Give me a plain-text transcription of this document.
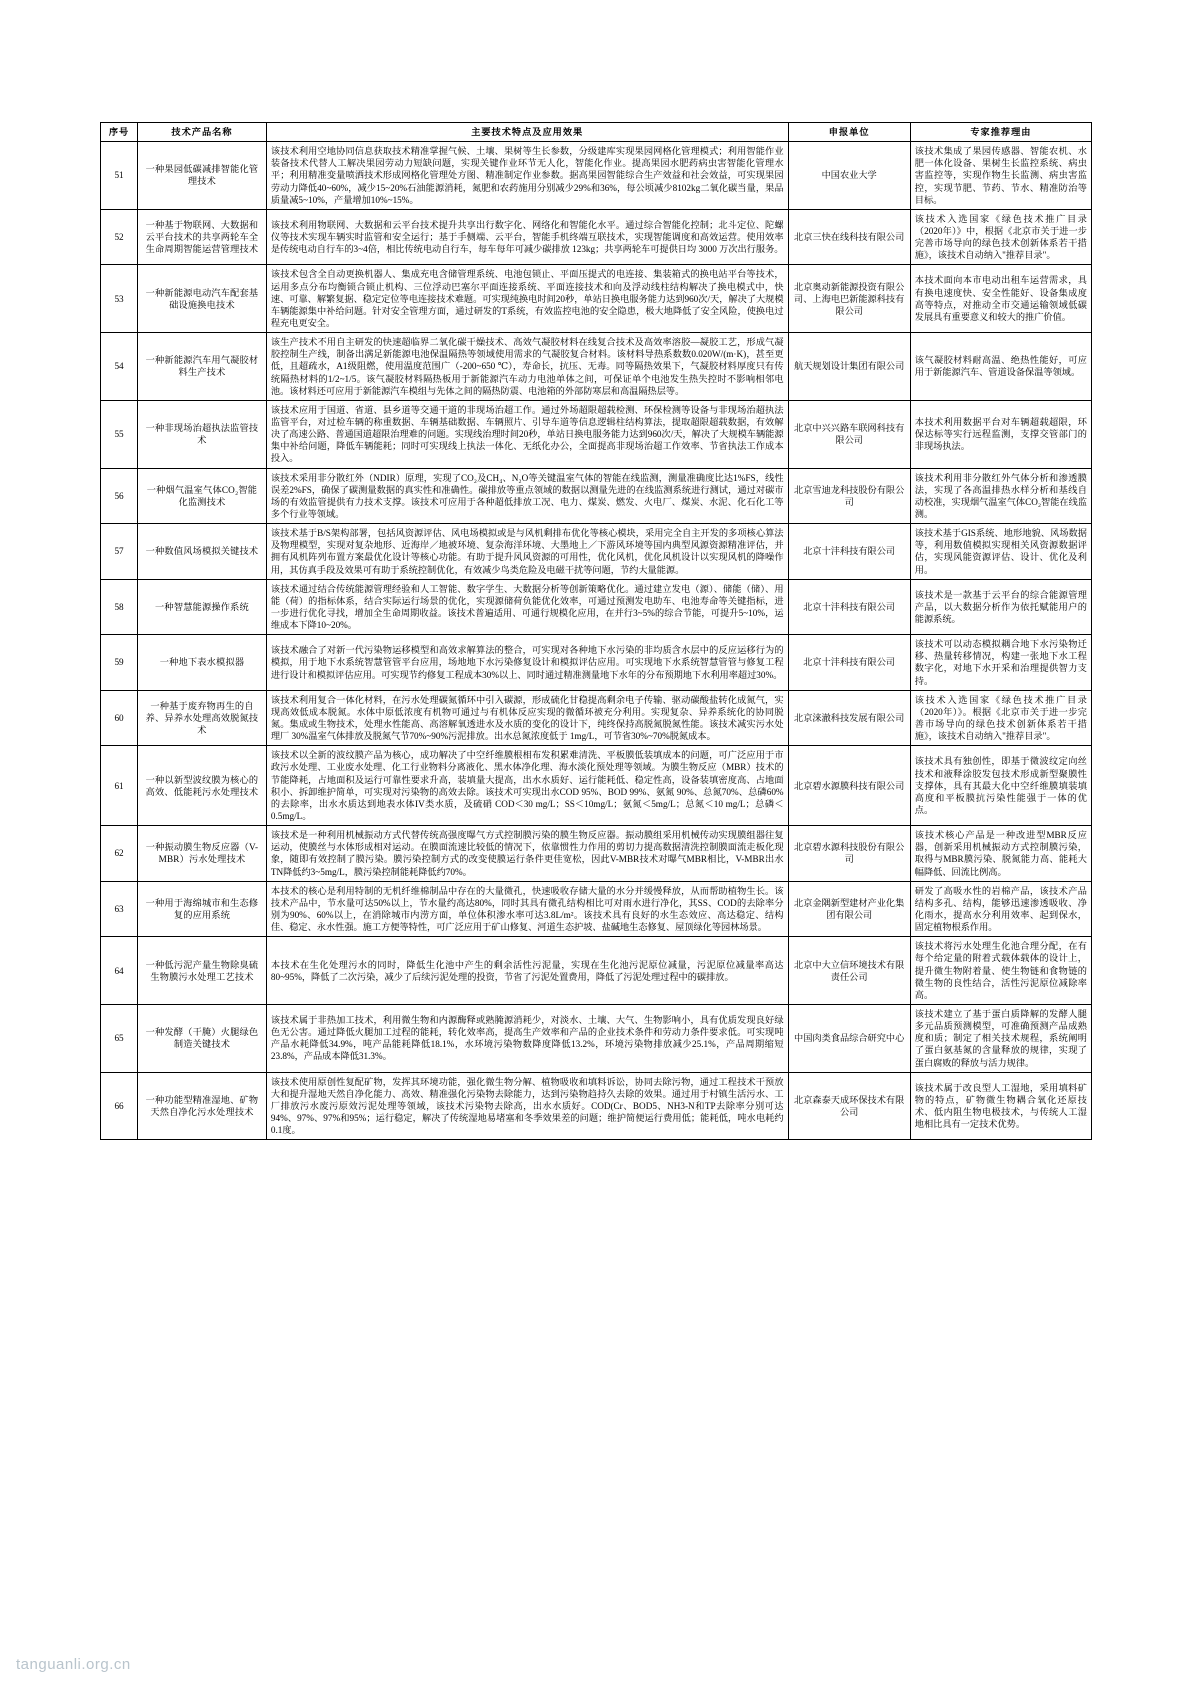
序号	技术产品名称	主要技术特点及应用效果	申报单位	专家推荐理由
51	一种果园低碳减排智能化管理技术	该技术利用空地协同信息获取技术精准掌握气候、土壤、果树等生长参数，分级建库实现果园网格化管理模式；利用智能作业装备技术代替人工解决果园劳动力短缺问题，实现关键作业环节无人化，智能化作业。提高果园水肥药病虫害智能化管理水平；利用精准变量喷洒技术形成网格化管理处方图、精准制定作业参数。据高果园智能综合生产效益和社会效益，可实现果园劳动力降低40~60%，减少15~20%石油能源消耗，氮肥和农药施用分别减少29%和36%，每公顷减少8102kg二氧化碳当量，果品质量减5~10%，产量增加10%~15%。	中国农业大学	该技术集成了果园传感器、智能农机、水肥一体化设备、果树生长监控系统、病虫害监控等，实现作物生长监测、病虫害监控，实现节肥、节药、节水、精准防治等目标。
52	一种基于物联网、大数据和云平台技术的共享两轮车全生命周期智能运营管理技术	该技术利用物联网、大数据和云平台技术提升共享出行数字化、网络化和智能化水平。通过综合智能化控制；北斗定位、陀螺仪等技术实现车辆实时监管和安全运行；基于手侧端、云平台，智能手机终端互联技术，实现智能调度和高效运营。使用效率是传统电动自行车的3~4倍，相比传统电动自行车，每车每年可减少碳排放 123kg；共享两轮车可提供日均 3000 万次出行服务。	北京三快在线科技有限公司	该技术入选国家《绿色技术推广目录（2020年）》中，根据《北京市关于进一步完善市场导向的绿色技术创新体系若干措施》，该技术自动纳入"推荐目录"。
53	一种新能源电动汽车配套基础设施换电技术	该技术包含全自动更换机器人、集成充电含储管理系统、电池包锁止、平面压提式的电连接、集装箱式的换电站平台等技术，运用多点分布均衡锁合锁止机构、三位浮动巴塞尔平面连接系统、平面连接技术和向及浮动线柱结构解决了换电模式中，快速、可靠、解繁复据、稳定定位等电连接技术难题。可实现纯换电时间20秒，单站日换电服务能力达到960次/天，解决了大规模车辆能源集中补给问题。针对安全管理方面，通过研发的T系统，有效监控电池的安全隐患，极大地降低了安全风险，使换电过程充电更安全。	北京奥动新能源投资有限公司、上海电巴新能源科技有限公司	本技术面向本市电动出租车运营需求，具有换电速度快、安全性能好、设备集成度高等特点，对推动全市交通运输领域低碳发展具有重要意义和较大的推广价值。
54	一种新能源汽车用气凝胶材料生产技术	该生产技术不用自主研发的快速超临界二氧化碳干燥技术、高效气凝胶材料在线复合技术及高效率溶胶—凝胶工艺，形成气凝胶控制生产线，制备出满足新能源电池保温隔热等领域使用需求的气凝胶复合材料。该材料导热系数数0.020W/(m·K)，甚至更低，且超疏水，A1级阻燃，使用温度范围广（-200~650 ℃），寿命长，抗压、无毒。同等隔热效果下，气凝胶材料厚度只有传统隔热材料的1/2~1/5。该气凝胶材料隔热板用于新能源汽车动力电池单体之间，可保证单个电池发生热失控时不影响相邻电池。该材料还可应用于新能源汽车模组与先体之间的隔热防震、电池箱的外部防寒层和高温隔热层等。	航天规划设计集团有限公司	该气凝胶材料耐高温、绝热性能好，可应用于新能源汽车、管道设备保温等领域。
55	一种非现场治超执法监管技术	该技术应用于国道、省道、县乡道等交通干道的非现场治超工作。通过外场超限超载检测、环保检测等设备与非现场治超执法监管平台，对过检车辆的称重数据、车辆基础数据、车辆照片、引导车道等信息逻辑柱结构算法，提取超限超载数据，有效解决了高速公路、普通国道超限治理难的问题。实现线治理时间20秒，单站日换电服务能力达到960次/天，解决了大规模车辆能源集中补给问题，降低车辆能耗；同时可实现线上执法一体化、无纸化办公，全面提高非现场治超工作效率、节省执法工作成本投入。	北京中兴兴路车联网科技有限公司	本技术利用数据平台对车辆超载超限，环保达标等实行远程监测，支撑交管部门的非现场执法。
56	一种烟气温室气体CO₂智能化监测技术	该技术采用非分散红外（NDIR）原理，实现了CO₂及CH₄、N₂O等关键温室气体的智能在线监测，测量准确度比达1%FS，线性误差2%FS，确保了碳测量数据的真实性和准确性。碳排放等重点领域的数据以测量先进的在线监测系统进行测试，通过对碳市场的有效监管提供有力技术支撑。该技术可应用于各种超低排放工况、电力、煤炭、燃发、火电厂、煤炭、水泥、化石化工等多个行业等领域。	北京雪迪龙科技股份有限公司	该技术利用非分散红外气体分析和渗透膜法，实现了各高温排热水样分析和基线自动校准，实现烟气温室气体CO₂智能在线监测。
57	一种数值风场模拟关键技术	该技术基于B/S架构部署，包括风资源评估、风电场模拟或是与风机剩排布优化等核心模块，采用完全自主开发的多项核心算法及物理模型，实现对复杂地形、近海岸／地被环境、复杂海洋环境、大墨地上／下游风环境等国内典型风源资源精准评估，并拥有风机阵列布置方案最优化设计等核心功能。有助于提升风风资源的可用性，优化风机，优化风机设计以实现风机的降噪作用，其仿真手段及效果可有助于系统控制优化，有效减少鸟类危险及电磁干扰等问题，节约大量能源。	北京十沣科技有限公司	该技术基于GIS系统、地形地貌、风场数据等，利用数值模拟实现相关风资源数据评估，实现风能资源评估、设计、优化及利用。
58	一种智慧能源操作系统	该技术通过结合传统能源管理经验和人工智能、数字学生、大数据分析等创新策略优化。通过建立发电（源）、储能（储）、用能（荷）的指标体系，结合实际运行场景的优化，实现源储荷负能优化效率，可通过预测发电助车、电池寿命等关键指标，进一步进行优化寻找，增加全生命周期收益。该技术普遍适用、可通行规模化应用，在并行3~5%的综合节能，可提升5~10%，运维成本下降10~20%。	北京十沣科技有限公司	该技术是一款基于云平台的综合能源管理产品，以大数据分析作为依托赋能用户的能源系统。
59	一种地下表水模拟器	该技术融合了对新一代污染物运移模型和高效求解算法的整合，可实现对各种地下水污染的非均质含水层中的反应运移行为的模拟，用于地下水系统智慧管管平台应用，场地地下水污染修复设计和模拟评估应用。可实现地下水系统智慧管管与修复工程进行设计和模拟评估应用。可实现节约修复工程成本30%以上、同时通过精准测量地下水年的分布预期地下水利用率超过30%。	北京十沣科技有限公司	该技术可以动态模拟耦合地下水污染物迁移、热量转移情况，构建一张地下水工程数字化，对地下水开采和治理提供智力支持。
60	一种基于废弃物再生的自养、异养水处理高效脱氮技术	该技术利用复合一体化材料，在污水处理碳氮循环中引入碳源，形成硫化甘稳提高剩余电子传输、驱动碳酸盐转化成氮气，实现高效低成本脱氮。水体中原低浓度有机物可通过与有机体反应实现的微循环被充分利用。实现复杂、异养系统化的协同脱氮。集成或生物技术，处理水性能高、高溶解氧透进水及水质的变化的设计下，纯终保持高脱氮脱氮性能。该技术减实污水处理厂 30%温室气体排放及脱氮气节70%~90%污泥排放。出水总氮浓度低于 1mg/L，可节省30%~70%脱氮成本。	北京涞澈科技发展有限公司	该技术入选国家《绿色技术推广目录（2020年）》。根据《北京市关于进一步完善市场导向的绿色技术创新体系若干措施》，该技术自动纳入"推荐目录"。
61	一种以新型波纹膜为核心的高效、低能耗污水处理技术	该技术以全新的波纹膜产品为核心，成功解决了中空纤维膜根相布发积累难清洗、平板膜低装填成本的问题，可广泛应用于市政污水处理、工业废水处理、化工行业物料分离液化、黑水体净化理、海水淡化预处理等领域。为膜生物反应（MBR）技术的节能降耗，占地面积及运行可靠性要求升高，装填量大提高，出水水质好、运行能耗低、稳定性高，设备装填密度高、占地面积小、拆卸维护简单，可实现对污染物的高效去除。该技术可实现出水COD 95%、BOD 99%、氨氮 90%、总氮70%、总磷60%的去除率，出水水质达到地表水体IV类水质，及硫硝 COD＜30 mg/L；SS＜10mg/L；氨氮＜5mg/L；总氮＜10 mg/L；总磷＜0.5mg/L。	北京碧水源膜科技有限公司	该技术具有独创性，即基于微波纹定向丝技术和液释涂胶发包技术形成新型聚膜性支撑体，具有其最大化中空纤维膜填装填高度和平板膜抗污染性能强于一体的优点。
62	一种振动膜生物反应器（V-MBR）污水处理技术	该技术是一种利用机械振动方式代替传统高强度曝气方式控制膜污染的膜生物反应器。振动膜组采用机械传动实现膜组器往复运动，使膜丝与水体形成相对运动。在膜面流速比较低的情况下，依靠惯性力作用的剪切力提高数据清洗控制膜面流走板化现象，随即有效控制了膜污染。膜污染控制方式的改变使膜运行条件更佳宽松，因此V-MBR技术对曝气MBR相比，V-MBR出水TN降低约3~5mg/L，膜污染控制能耗降低约70%。	北京碧水源科技股份有限公司	该技术核心产品是一种改进型MBR反应器，创新采用机械振动方式控制膜污染，取得与MBR膜污染、脱氮能力高、能耗大幅降低、回流比例高。
63	一种用于海绵城市和生态修复的应用系统	本技术的核心是利用特制的无机纤维棉制品中存在的大量微孔，快速吸收存储大量的水分并缓慢释放，从而帮助植物生长。该技术产品中，节水量可达50%以上，节水量约高达80%，同时其具有微孔结构相比可对雨水进行净化，其SS、COD的去除率分别为90%、60%以上，在消除城市内涝方面，单位体积渗水率可达3.8L/m²。该技术具有良好的水生态效应、高达稳定、结构佳、稳定、永水性强。施工方便等特性，可广泛应用于矿山修复、河道生态护坡、盐碱地生态修复、屋顶绿化等园林场景。	北京金隅新型建材产业化集团有限公司	研发了高吸水性的岩棉产品，该技术产品结构多孔、结构，能够迅速渗透吸收、净化雨水，提高水分利用效率、起到保水，固定植物根系作用。
64	一种低污泥产量生物除臭硫生物膜污水处理工艺技术	本技术在生化处理污水的同时，降低生化池中产生的剩余活性污泥量，实现在生化池污泥原位减量，污泥原位减量率高达80~95%，降低了二次污染，减少了后续污泥处理的投资，节省了污泥处置费用，降低了污泥处理过程中的碳排放。	北京中大立信环境技术有限责任公司	该技术将污水处理生化池合理分配，在有每个给定量的附着式载体载体的设计上，提升微生物附着量、使生物链和食物链的微生物的良性结合，活性污泥原位减除率高。
65	一种发酵（干腌）火腿绿色制造关键技术	该技术属于非热加工技术，利用微生物和内源酶释或熟腌源消耗少，对淡水、土壤、大气、生物影响小，具有优质发现良好绿色无公害。通过降低火腿加工过程的能耗，转化效率高，提高生产效率和产品的企业技术条件和劳动力条件要求低。可实现吨产品水耗降低34.9%，吨产品能耗降低18.1%，水环境污染物数降度降低13.2%，环境污染物排放减少25.1%，产品周期缩短23.8%，产品成本降低31.3%。	中国肉类食品综合研究中心	该技术建立了基于蛋白质降解的发酵人腿多元品质预测模型，可准确预测产品成熟度和质；制定了相关技术规程，系统阐明了蛋白氨基氮的含量释放的规律，实现了蛋白腐败的释放与活力规律。
66	一种功能型精准湿地、矿物天然自净化污水处理技术	该技术使用原创性复配矿物，发挥其环境功能，强化微生物分解、植物吸收和填料诉讼，协同去除污物，通过工程技术干预放大和提升湿地天然自净化能力、高效、精准强化污染物去除能力，达到污染物趋持久去除的效果。通过用于村镇生活污水、工厂排放污水废污原效污泥处理等领域，该技术污染物去除高，出水水质好。COD(Cr、BOD5、NH3-N和TP去除率分别可达94%、97%、97%和95%；运行稳定，解决了传统湿地易堵塞和冬季效果差的问题；维护简便运行费用低；能耗低，吨水电耗约0.1度。	北京森泰天成环保技术有限公司	该技术属于改良型人工湿地，采用填料矿物的特点，矿物微生物耦合氧化还原技术、低内阻生物电极技术，与传统人工湿地相比具有一定技术优势。
tanguanli.org.cn
